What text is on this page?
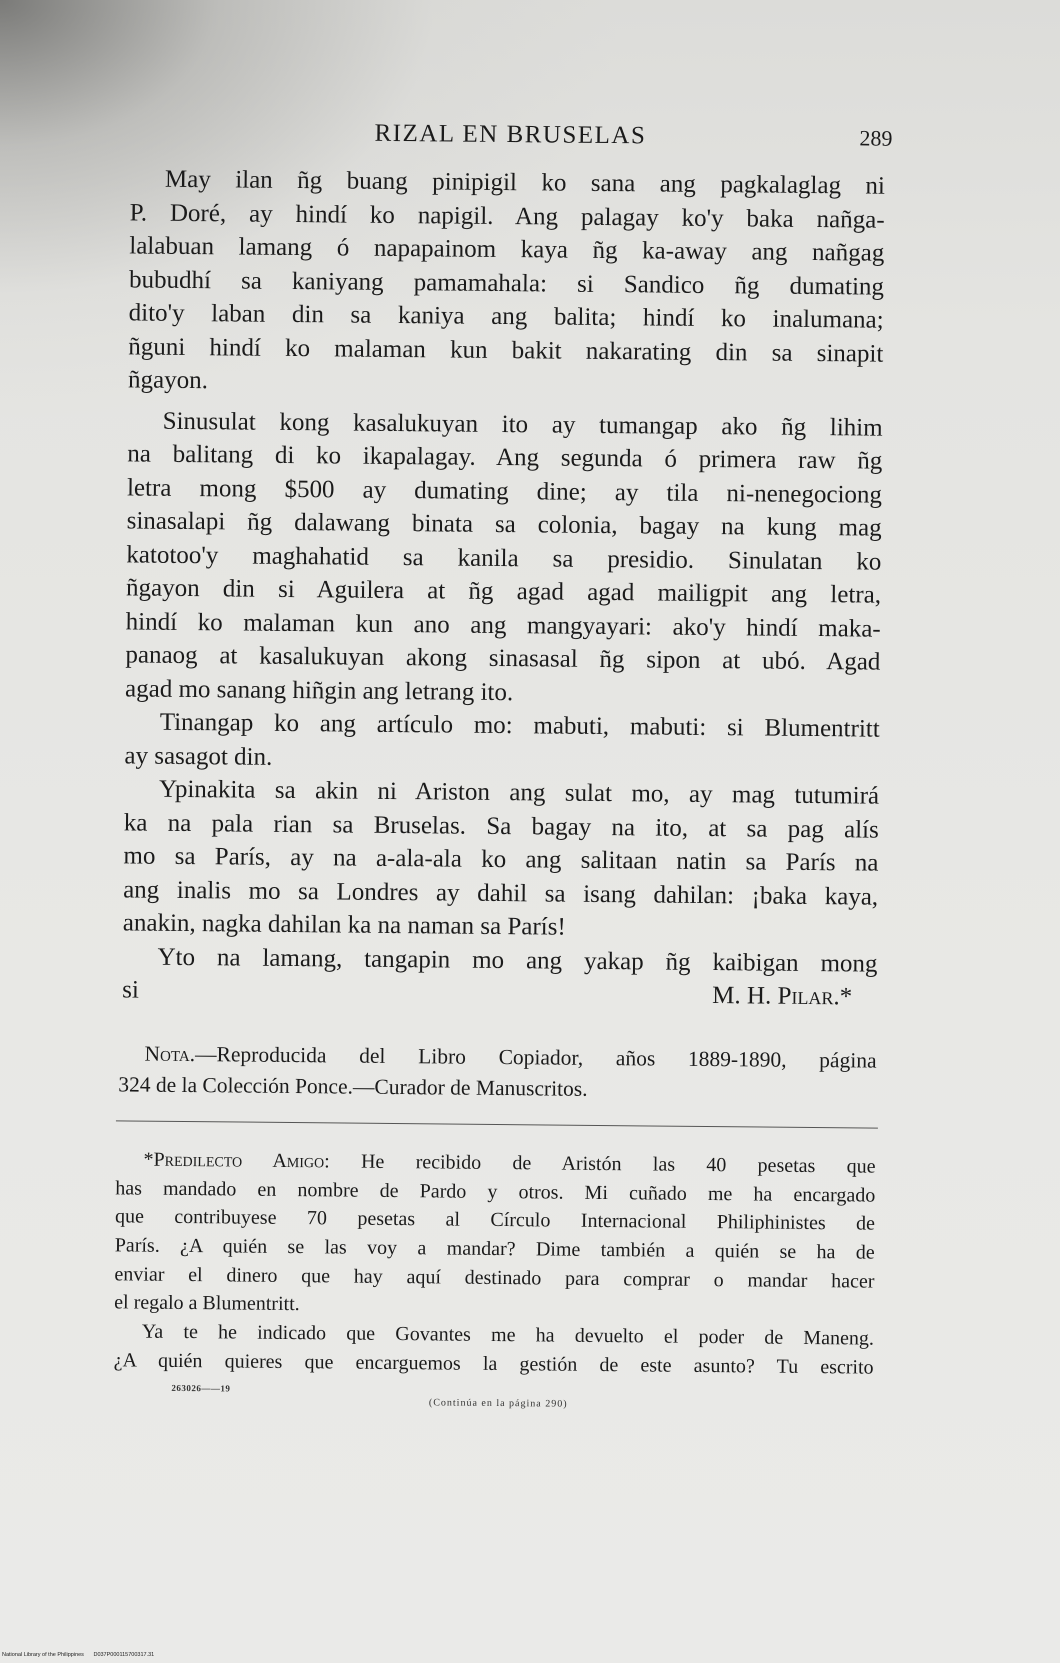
RIZAL EN BRUSELAS	289
May ilan ñg buang pinipigil ko sana ang pagkalaglag ni
P. Doré, ay hindí ko napigil. Ang palagay ko'y baka nañga-
lalabuan lamang ó napapainom kaya ñg ka-away ang nañgag
bubudhí sa kaniyang pamamahala: si Sandico ñg dumating
dito'y laban din sa kaniya ang balita; hindí ko inalumana;
ñguni hindí ko malaman kun bakit nakarating din sa sinapit
ñgayon.
Sinusulat kong kasalukuyan ito ay tumangap ako ñg lihim
na balitang di ko ikapalagay. Ang segunda ó primera raw ñg
letra mong $500 ay dumating dine; ay tila ni-nenegociong
sinasalapi ñg dalawang binata sa colonia, bagay na kung mag
katotoo'y maghahatid sa kanila sa presidio. Sinulatan ko
ñgayon din si Aguilera at ñg agad agad mailigpit ang letra,
hindí ko malaman kun ano ang mangyayari: ako'y hindí maka-
panaog at kasalukuyan akong sinasasal ñg sipon at ubó. Agad
agad mo sanang hiñgin ang letrang ito.
Tinangap ko ang artículo mo: mabuti, mabuti: si Blumentritt
ay sasagot din.
Ypinakita sa akin ni Ariston ang sulat mo, ay mag tutumirá
ka na pala rian sa Bruselas. Sa bagay na ito, at sa pag alís
mo sa París, ay na a-ala-ala ko ang salitaan natin sa París na
ang inalis mo sa Londres ay dahil sa isang dahilan: ¡baka kaya,
anakin, nagka dahilan ka na naman sa París!
Yto na lamang, tangapin mo ang yakap ñg kaibigan mong
si	M. H. Pilar.*
Nota.—Reproducida del Libro Copiador, años 1889-1890, página
324 de la Colección Ponce.—Curador de Manuscritos.
*Predilecto Amigo: He recibido de Aristón las 40 pesetas que
has mandado en nombre de Pardo y otros. Mi cuñado me ha encargado
que contribuyese 70 pesetas al Círculo Internacional Philiphinistes de
París. ¿A quién se las voy a mandar? Dime también a quién se ha de
enviar el dinero que hay aquí destinado para comprar o mandar hacer
el regalo a Blumentritt.
Ya te he indicado que Govantes me ha devuelto el poder de Maneng.
¿A quién quieres que encarguemos la gestión de este asunto? Tu escrito
263026——19
(Continúa en la página 290)
National Library of the Philippines D037P000115700317.31
